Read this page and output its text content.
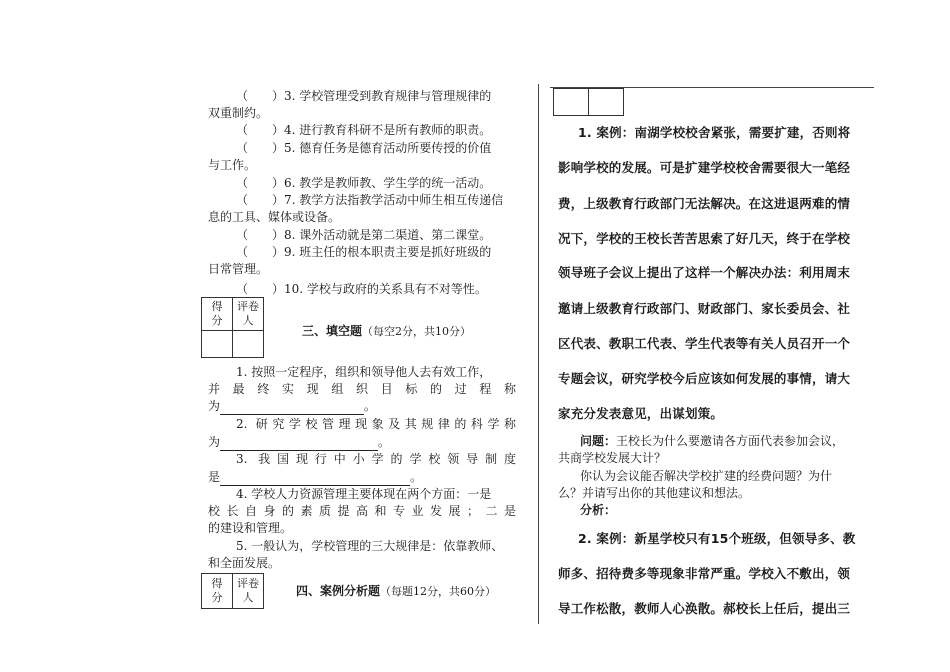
（　　）3. 学校管理受到教育规律与管理规律的
双重制约。
（　　）4. 进行教育科研不是所有教师的职责。
（　　）5. 德育任务是德育活动所要传授的价值
与工作。
（　　）6. 教学是教师教、学生学的统一活动。
（　　）7. 教学方法指教学活动中师生相互传递信
息的工具、媒体或设备。
（　　）8. 课外活动就是第二渠道、第二课堂。
（　　）9. 班主任的根本职责主要是抓好班级的
日常管理。
（　　）10. 学校与政府的关系具有不对等性。
得
分	评卷
人

三、填空题（每空2分，共10分）
1. 按照一定程序，组织和领导他人去有效工作，
并最终实现组织目标的过程称
为	。
2. 研究学校管理现象及其规律的科学称
为	。
3. 我国现行中小学的学校领导制度
是	。
4. 学校人力资源管理主要体现在两个方面：一是
校长自身的素质提高和专业发展；二是
的建设和管理。
5. 一般认为，学校管理的三大规律是：依靠教师、
和全面发展。
得
分	评卷
人	四、案例分析题（每题12分，共60分）

1. 案例：南湖学校校舍紧张，需要扩建，否则将
影响学校的发展。可是扩建学校校舍需要很大一笔经
费，上级教育行政部门无法解决。在这进退两难的情
况下，学校的王校长苦苦思索了好几天，终于在学校
领导班子会议上提出了这样一个解决办法：利用周末
邀请上级教育行政部门、财政部门、家长委员会、社
区代表、教职工代表、学生代表等有关人员召开一个
专题会议，研究学校今后应该如何发展的事情，请大
家充分发表意见，出谋划策。
问题：王校长为什么要邀请各方面代表参加会议，
共商学校发展大计？
你认为会议能否解决学校扩建的经费问题？为什
么？并请写出你的其他建议和想法。
分析：
2. 案例：新星学校只有15个班级，但领导多、教
师多、招待费多等现象非常严重。学校入不敷出，领
导工作松散，教师人心涣散。郝校长上任后，提出三
